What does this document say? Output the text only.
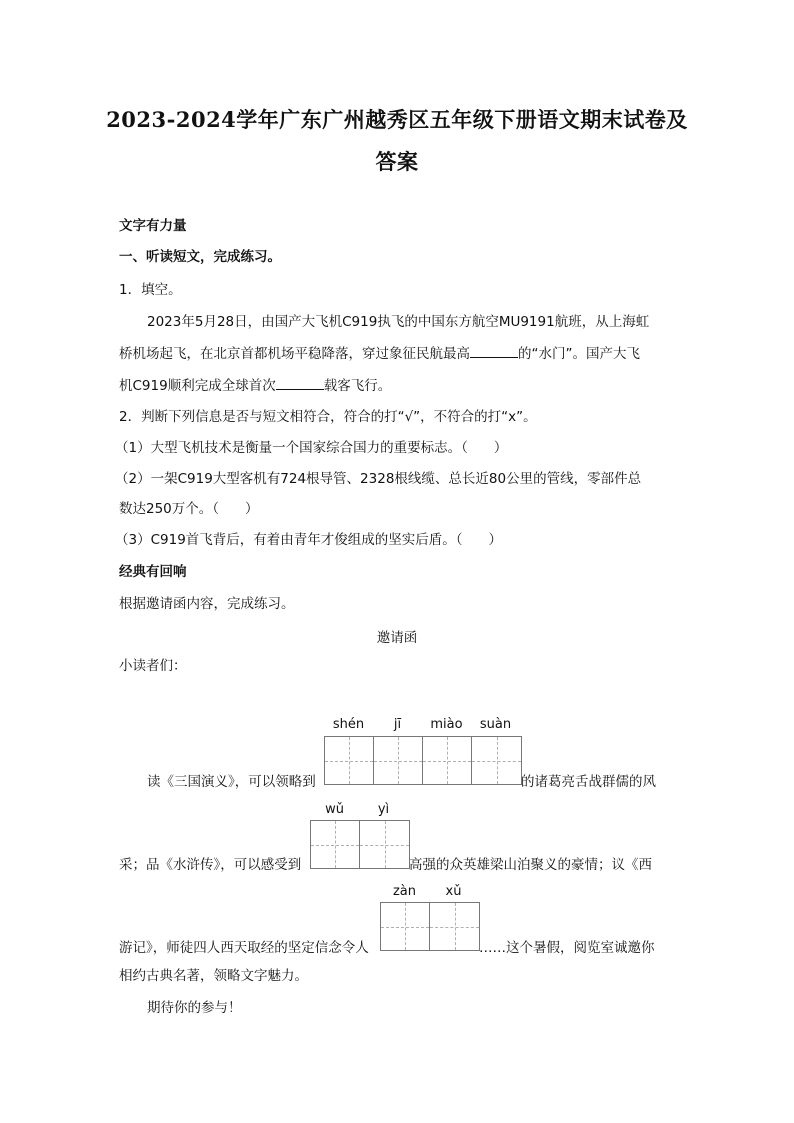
2023-2024学年广东广州越秀区五年级下册语文期末试卷及
答案
文字有力量
一、听读短文，完成练习。
1．填空。
2023年5月28日，由国产大飞机C919执飞的中国东方航空MU9191航班，从上海虹
桥机场起飞，在北京首都机场平稳降落，穿过象征民航最高	的“水门”。国产大飞
机C919顺利完成全球首次	载客飞行。
2．判断下列信息是否与短文相符合，符合的打“√”，不符合的打“x”。
（1）大型飞机技术是衡量一个国家综合国力的重要标志。（ ）
（2）一架C919大型客机有724根导管、2328根线缆、总长近80公里的管线，零部件总
数达250万个。（ ）
（3）C919首飞背后，有着由青年才俊组成的坚实后盾。（ ）
经典有回响
根据邀请函内容，完成练习。
邀请函
小读者们：
shén	jī	miào	suàn
读《三国演义》，可以领略到	的诸葛亮舌战群儒的风
wǔ	yì
采；品《水浒传》，可以感受到	高强的众英雄梁山泊聚义的豪情；议《西
zàn	xǔ
游记》，师徒四人西天取经的坚定信念令人	……这个暑假，阅览室诚邀你
相约古典名著，领略文字魅力。
期待你的参与！
